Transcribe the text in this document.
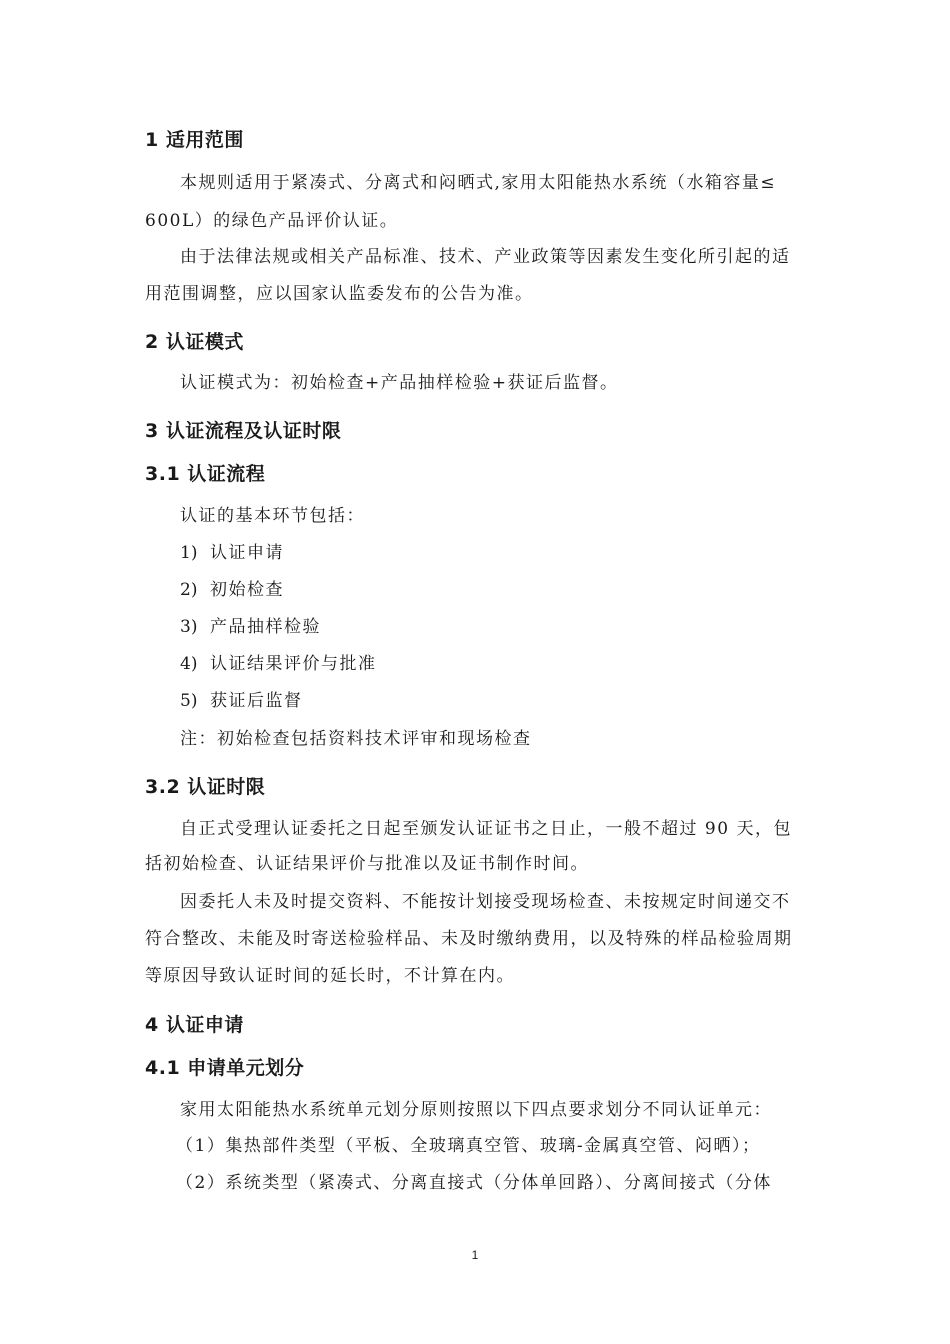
1 适用范围
本规则适用于紧凑式、分离式和闷晒式,家用太阳能热水系统（水箱容量≤
600L）的绿色产品评价认证。
由于法律法规或相关产品标准、技术、产业政策等因素发生变化所引起的适
用范围调整，应以国家认监委发布的公告为准。
2 认证模式
认证模式为：初始检查+产品抽样检验+获证后监督。
3 认证流程及认证时限
3.1 认证流程
认证的基本环节包括：
1) 认证申请
2) 初始检查
3) 产品抽样检验
4) 认证结果评价与批准
5) 获证后监督
注：初始检查包括资料技术评审和现场检查
3.2 认证时限
自正式受理认证委托之日起至颁发认证证书之日止，一般不超过 90 天，包
括初始检查、认证结果评价与批准以及证书制作时间。
因委托人未及时提交资料、不能按计划接受现场检查、未按规定时间递交不
符合整改、未能及时寄送检验样品、未及时缴纳费用，以及特殊的样品检验周期
等原因导致认证时间的延长时，不计算在内。
4 认证申请
4.1 申请单元划分
家用太阳能热水系统单元划分原则按照以下四点要求划分不同认证单元：
（1）集热部件类型（平板、全玻璃真空管、玻璃-金属真空管、闷晒）；
（2）系统类型（紧凑式、分离直接式（分体单回路）、分离间接式（分体
1
